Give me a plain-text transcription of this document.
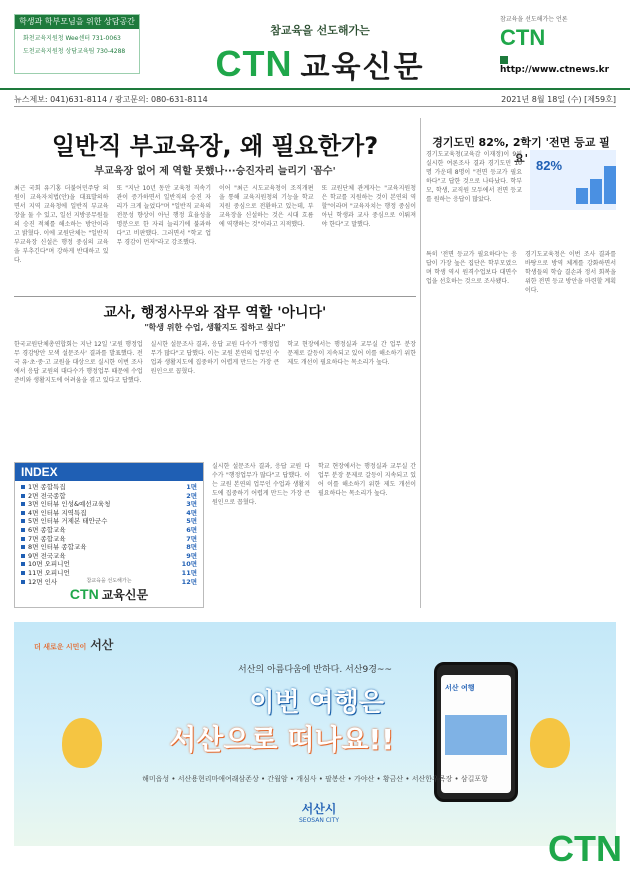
학생과 학부모님을 위한 상담공간
화천교육지원청 Wee센터 731-0063
도천교육지원청 상담교육팀 730-4288
참교육을 선도해가는
CTN 교육신문
참교육을 선도해가는 언론
CTN
http://www.ctnews.kr
뉴스제보: 041)631-8114 / 광고문의: 080-631-8114	2021년 8월 18일 (수) [제59호]
일반직 부교육장, 왜 필요한가?
부교육장 없어 제 역할 못했나···승진자리 늘리기 '꼼수'
최근 국회 유기홍 더불어민주당 의원이 교육자치법(안)을 대표발의하면서 지역 교육청에 일반직 부교육장을 둘 수 있고, 일선 지방공무원들의 승진 적체를 해소하는 방안이라고 밝혔다. 이에 교원단체는 "일반직 부교육장 신설은 행정 중심의 교육을 부추긴다"며 강하게 반대하고 있다.
또 "지난 10년 동안 교육청 직속기관이 증가하면서 일반직의 승진 자리가 크게 늘었다"며 "일반직 교육의 전문성 향상이 아닌 행정 효율성을 명분으로 한 자리 늘리기에 불과하다"고 비판했다. 그러면서 "학교 업무 경감이 먼저"라고 강조했다.
이어 "최근 시도교육청이 조직개편을 통해 교육지원청의 기능을 학교지원 중심으로 전환하고 있는데, 부교육장을 신설하는 것은 시대 흐름에 역행하는 것"이라고 지적했다.
또 교원단체 관계자는 "교육지원청은 학교를 지원하는 것이 본연의 역할"이라며 "교육자치는 행정 중심이 아닌 학생과 교사 중심으로 이뤄져야 한다"고 말했다.
교사, 행정사무와 잡무 역할 '아니다'
"학생 위한 수업, 생활지도 집하고 싶다"
한국교원단체총연합회는 지난 12일 '교원 행정업무 경감방안 모색 설문조사' 결과를 발표했다. 전국 유·초·중·고 교원을 대상으로 실시한 이번 조사에서 응답 교원의 대다수가 행정업무 때문에 수업 준비와 생활지도에 어려움을 겪고 있다고 답했다.
실시한 설문조사 결과, 응답 교원 다수가 "행정업무가 많다"고 답했다. 이는 교원 본연의 업무인 수업과 생활지도에 집중하기 어렵게 만드는 가장 큰 원인으로 꼽혔다.
학교 현장에서는 행정실과 교무실 간 업무 분장 문제로 갈등이 지속되고 있어 이를 해소하기 위한 제도 개선이 필요하다는 목소리가 높다.
실시한 설문조사 결과, 응답 교원 다수가 "행정업무가 많다"고 답했다. 이는 교원 본연의 업무인 수업과 생활지도에 집중하기 어렵게 만드는 가장 큰 원인으로 꼽혔다.
학교 현장에서는 행정실과 교무실 간 업무 분장 문제로 갈등이 지속되고 있어 이를 해소하기 위한 제도 개선이 필요하다는 목소리가 높다.
INDEX
1면 종합특집	1면
2면 전국종합	2면
3면 인터뷰 인성&예선교육청	3면
4면 인터뷰 지역특집	4면
5면 인터뷰 거제본 태안군수	5면
6면 종합교육	6면
7면 종합교육	7면
8면 인터뷰 종합교육	8면
9면 전국교육	9면
10면 오피니언	10면
11면 오피니언	11면
12면 인사	12면
참교육을 선도해가는
CTN 교육신문
경기도민 82%, 2학기 '전면 등교 필요'
경기도교육청(교육감 이재정)이 9월 실시한 여론조사 결과 경기도민 10명 가운데 8명이 "전면 등교가 필요하다"고 답한 것으로 나타났다. 학부모, 학생, 교직원 모두에서 전면 등교를 원하는 응답이 많았다.
82%
특히 '전면 등교가 필요하다'는 응답이 가장 높은 집단은 학부모였으며 학생 역시 원격수업보다 대면수업을 선호하는 것으로 조사됐다.
경기도교육청은 이번 조사 결과를 바탕으로 방역 체계를 강화하면서 학생들의 학습 결손과 정서 회복을 위한 전면 등교 방안을 마련할 계획이다.
더 새로운 시민이 서산
서산의 아름다움에 반하다. 서산9경~~
이번 여행은
서산으로 떠나요!!
서산 여행
해미읍성 • 서산용현리마애여래삼존상 • 간월암 • 개심사 • 팔봉산 • 가야산 • 황금산 • 서산한우목장 • 삼길포항
서산시
SEOSAN CITY
CTN
